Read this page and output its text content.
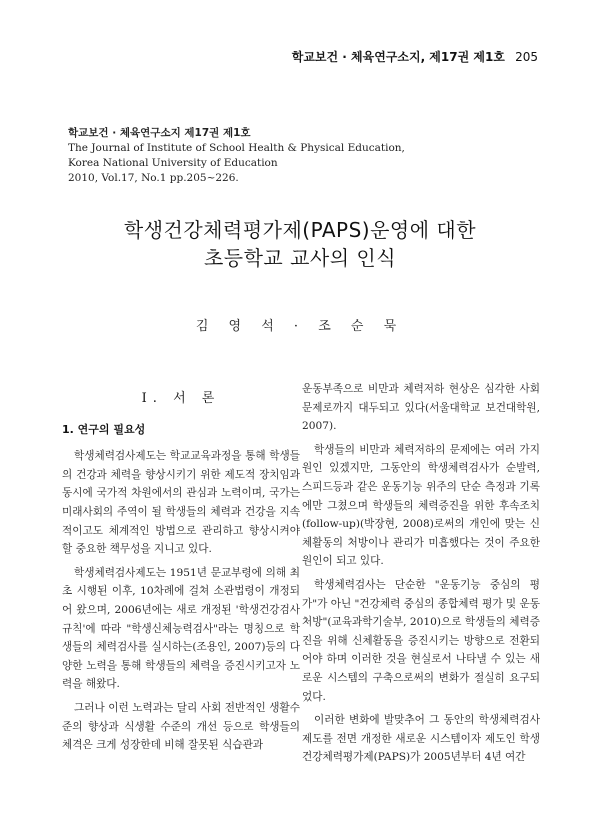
학교보건 · 체육연구소지, 제17권 제1호 205
학교보건 · 체육연구소지 제17권 제1호
The Journal of Institute of School Health & Physical Education,
Korea National University of Education
2010, Vol.17, No.1 pp.205~226.
학생건강체력평가제(PAPS)운영에 대한
초등학교 교사의 인식
김 영 석 · 조 순 묵
Ⅰ. 서 론
1. 연구의 필요성

학생체력검사제도는 학교교육과정을 통해 학생들의 건강과 체력을 향상시키기 위한 제도적 장치임과 동시에 국가적 차원에서의 관심과 노력이며, 국가는 미래사회의 주역이 될 학생들의 체력과 건강을 지속적이고도 체계적인 방법으로 관리하고 향상시켜야 할 중요한 책무성을 지니고 있다.

학생체력검사제도는 1951년 문교부령에 의해 최초 시행된 이후, 10차례에 걸쳐 소관법령이 개정되어 왔으며, 2006년에는 새로 개정된 '학생건강검사 규칙'에 따라 "학생신체능력검사"라는 명칭으로 학생들의 체력검사를 실시하는(조용인, 2007)등의 다양한 노력을 통해 학생들의 체력을 증진시키고자 노력을 해왔다.

그러나 이런 노력과는 달리 사회 전반적인 생활수준의 향상과 식생활 수준의 개선 등으로 학생들의 체격은 크게 성장한데 비해 잘못된 식습관과

운동부족으로 비만과 체력저하 현상은 심각한 사회 문제로까지 대두되고 있다(서울대학교 보건대학원, 2007).

학생들의 비만과 체력저하의 문제에는 여러 가지 원인 있겠지만, 그동안의 학생체력검사가 순발력, 스피드등과 같은 운동기능 위주의 단순 측정과 기록에만 그쳤으며 학생들의 체력증진을 위한 후속조치(follow-up)(박장현, 2008)로써의 개인에 맞는 신체활동의 처방이나 관리가 미흡했다는 것이 주요한 원인이 되고 있다.

학생체력검사는 단순한 "운동기능 중심의 평가"가 아닌 "건강체력 중심의 종합체력 평가 및 운동처방"(교육과학기술부, 2010)으로 학생들의 체력증진을 위해 신체활동을 증진시키는 방향으로 전환되어야 하며 이러한 것을 현실로서 나타낼 수 있는 새로운 시스템의 구축으로써의 변화가 절실히 요구되었다.

이러한 변화에 발맞추어 그 동안의 학생체력검사제도를 전면 개정한 새로운 시스템이자 제도인 학생건강체력평가제(PAPS)가 2005년부터 4년 여간
